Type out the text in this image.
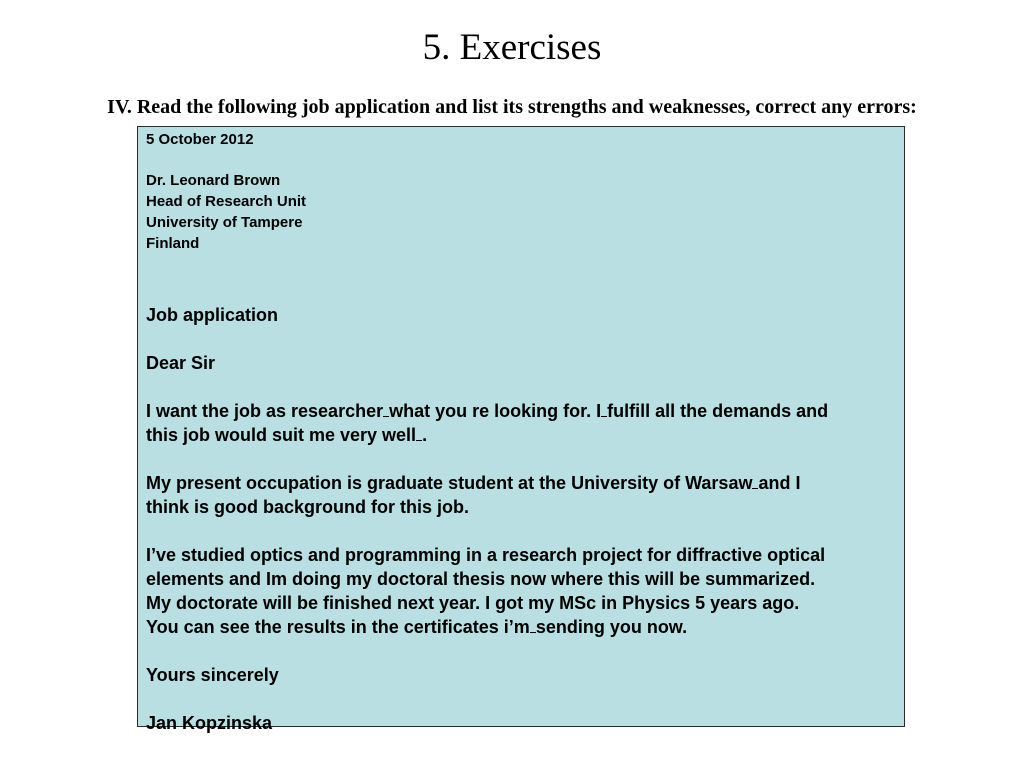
5. Exercises

IV. Read the following job application and list its strengths and weaknesses, correct any errors:

5 October 2012

Dr. Leonard Brown

Head of Research Unit

University of Tampere

Finland

Job application

Dear Sir

I want the job as researcher what you re looking for. I fulfill all the demands and

this job would suit me very well .

My present occupation is graduate student at the University of Warsaw and I

think is good background for this job.

I’ve studied optics and programming in a research project for diffractive optical

elements and Im doing my doctoral thesis now where this will be summarized.

My doctorate will be finished next year. I got my MSc in Physics 5 years ago.

You can see the results in the certificates i’m sending you now.

Yours sincerely

Jan Kopzinska
